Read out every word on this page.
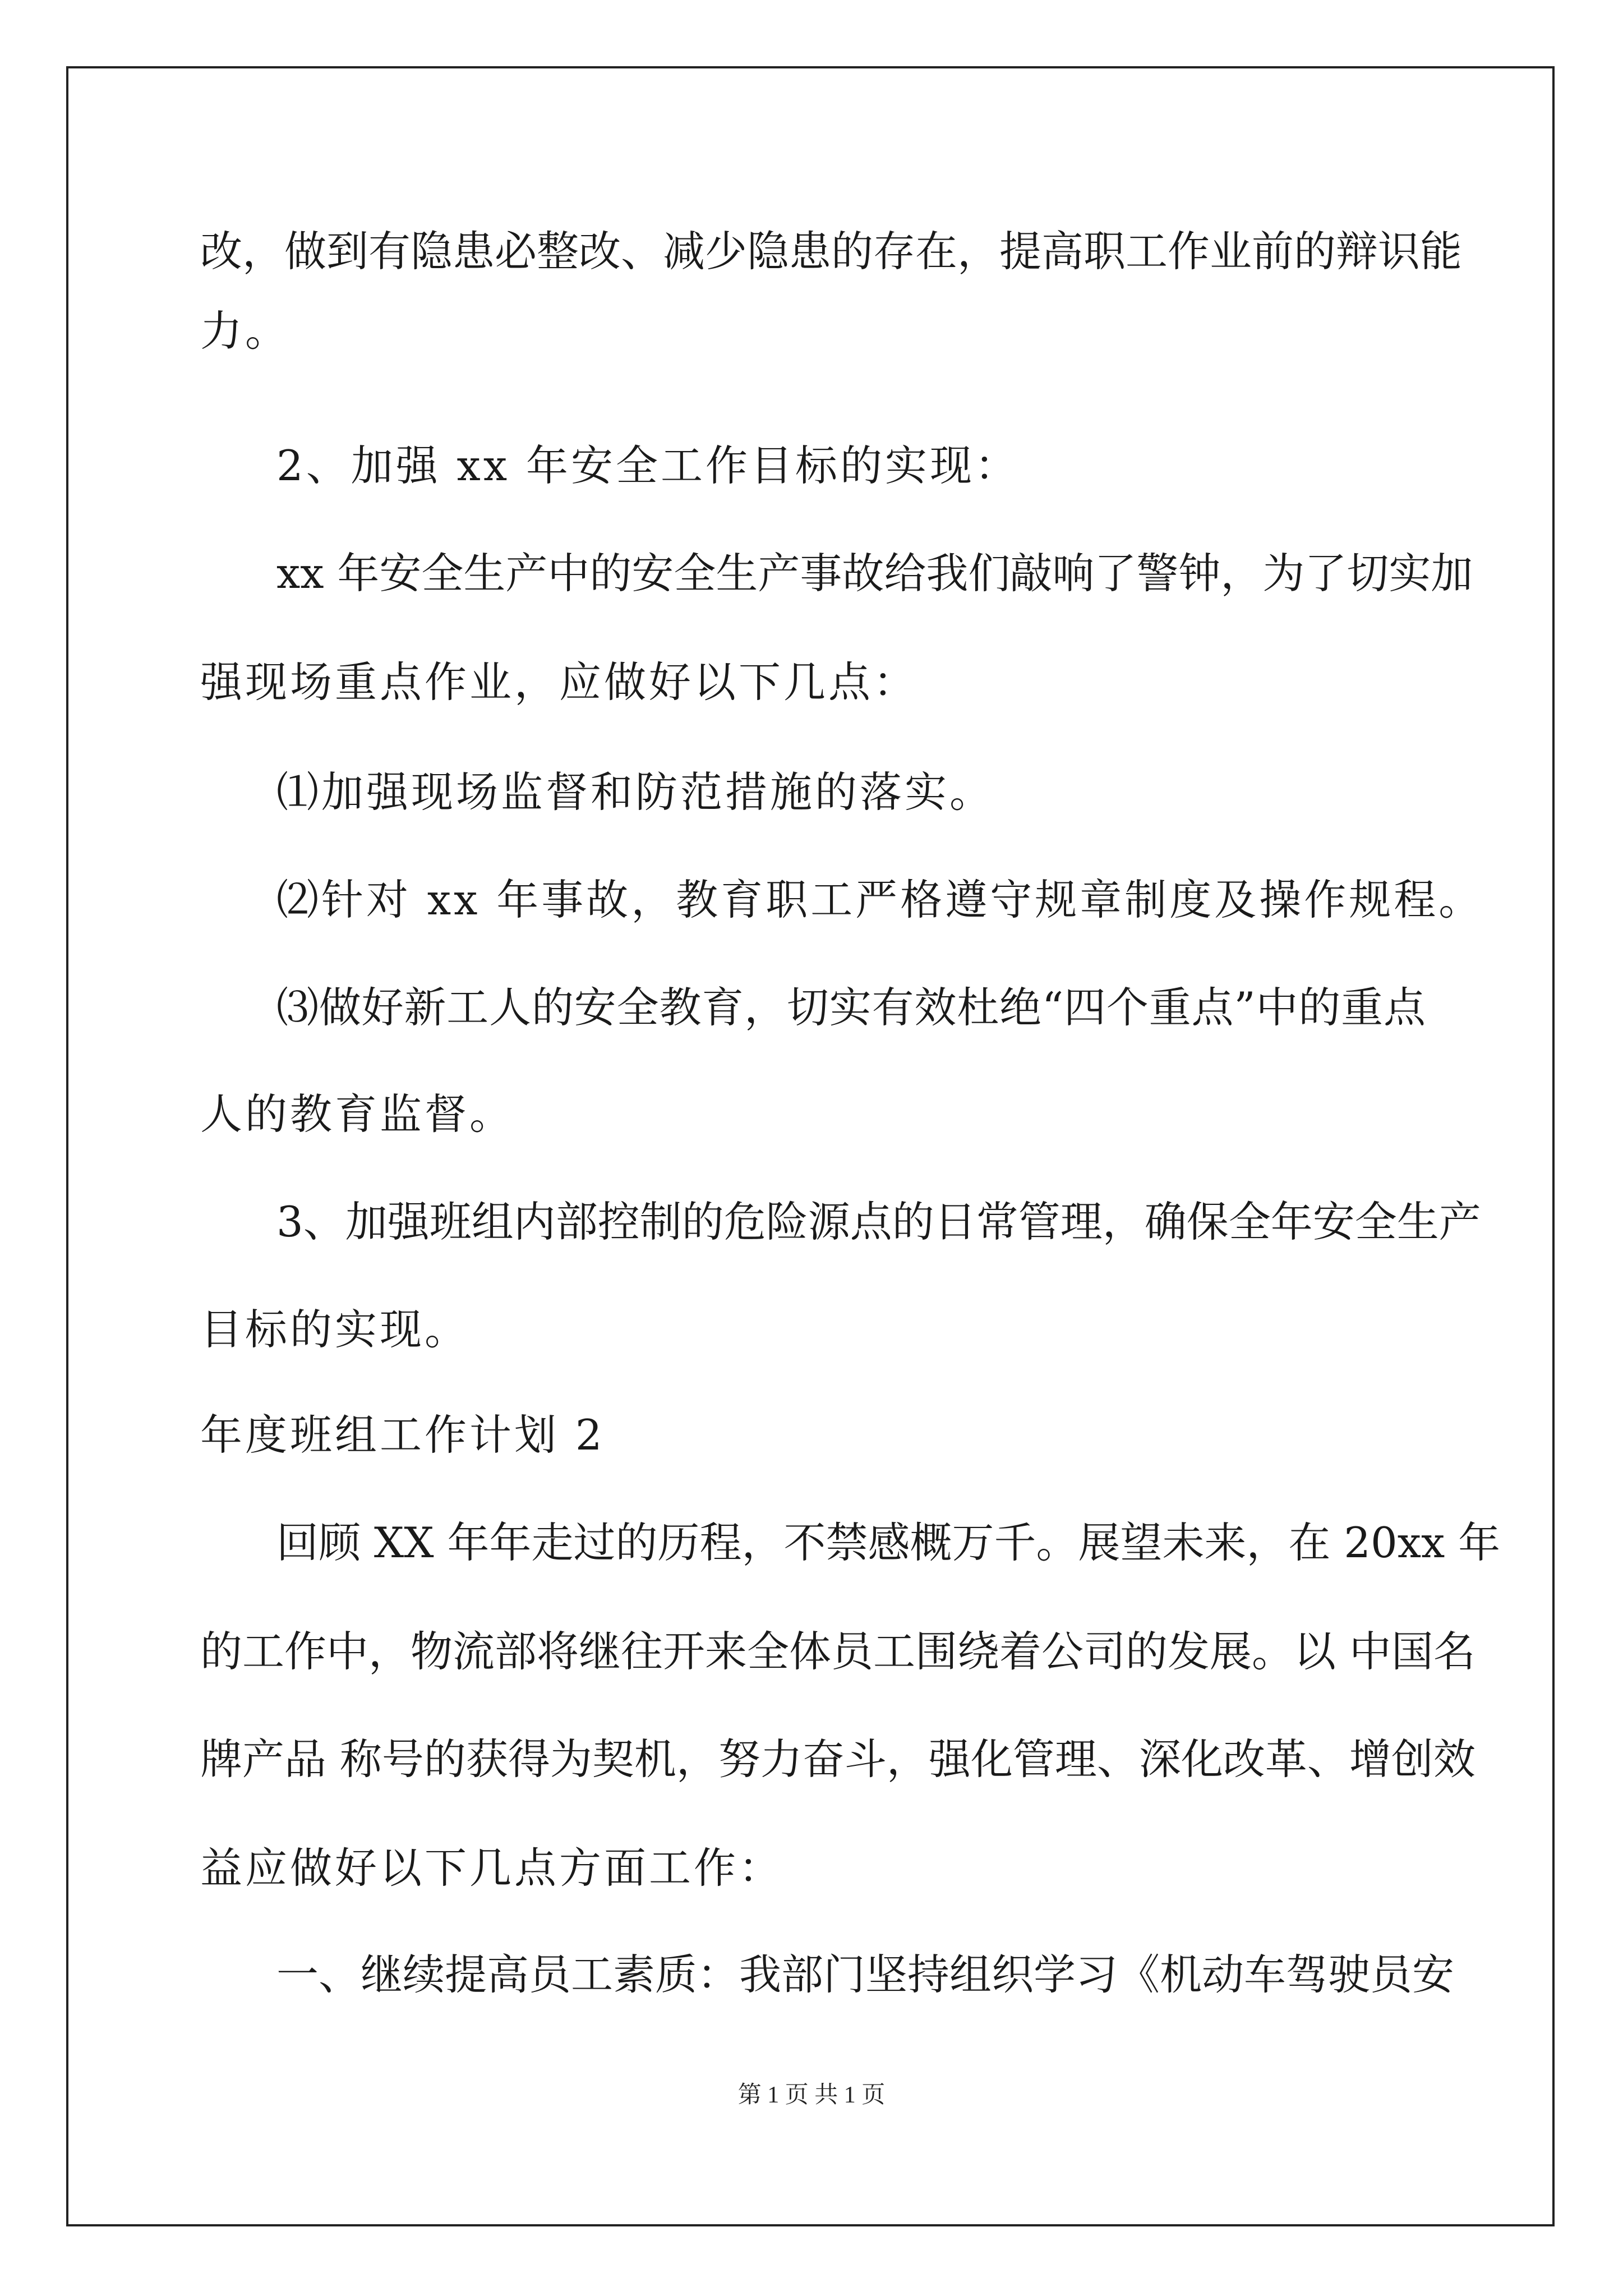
改，做到有隐患必整改、减少隐患的存在，提高职工作业前的辩识能
力。
2、加强 xx 年安全工作目标的实现：
xx 年安全生产中的安全生产事故给我们敲响了警钟，为了切实加
强现场重点作业，应做好以下几点：
⑴加强现场监督和防范措施的落实。
⑵针对 xx 年事故，教育职工严格遵守规章制度及操作规程。
⑶做好新工人的安全教育，切实有效杜绝“四个重点”中的重点
人的教育监督。
3、加强班组内部控制的危险源点的日常管理，确保全年安全生产
目标的实现。
年度班组工作计划 2
回顾 XX 年年走过的历程，不禁感概万千。展望未来，在 20xx 年
的工作中，物流部将继往开来全体员工围绕着公司的发展。以 中国名
牌产品 称号的获得为契机，努力奋斗，强化管理、深化改革、增创效
益应做好以下几点方面工作：
一、继续提高员工素质：我部门坚持组织学习《机动车驾驶员安
第 1 页 共 1 页
